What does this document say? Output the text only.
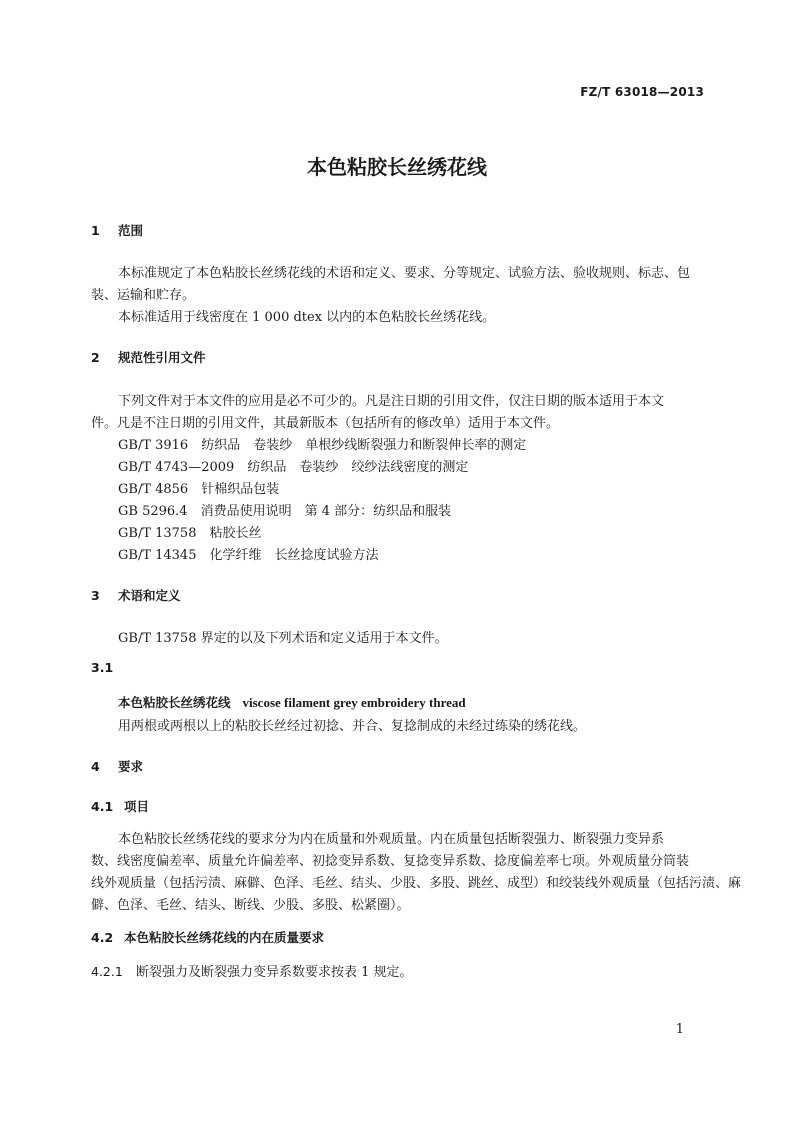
FZ/T 63018—2013
本色粘胶长丝绣花线
1 范围
本标准规定了本色粘胶长丝绣花线的术语和定义、要求、分等规定、试验方法、验收规则、标志、包
装、运输和贮存。
本标准适用于线密度在 1 000 dtex 以内的本色粘胶长丝绣花线。
2 规范性引用文件
下列文件对于本文件的应用是必不可少的。凡是注日期的引用文件，仅注日期的版本适用于本文
件。凡是不注日期的引用文件，其最新版本（包括所有的修改单）适用于本文件。
GB/T 3916　 纺织品　卷装纱　单根纱线断裂强力和断裂伸长率的测定
GB/T 4743—2009　 纺织品　卷装纱　绞纱法线密度的测定
GB/T 4856　 针棉织品包装
GB 5296.4　 消费品使用说明　第 4 部分：纺织品和服装
GB/T 13758　 粘胶长丝
GB/T 14345　 化学纤维　长丝捻度试验方法
3 术语和定义
GB/T 13758 界定的以及下列术语和定义适用于本文件。
3.1
本色粘胶长丝绣花线 viscose filament grey embroidery thread
用两根或两根以上的粘胶长丝经过初捻、并合、复捻制成的未经过练染的绣花线。
4 要求
4.1 项目
本色粘胶长丝绣花线的要求分为内在质量和外观质量。内在质量包括断裂强力、断裂强力变异系
数、线密度偏差率、质量允许偏差率、初捻变异系数、复捻变异系数、捻度偏差率七项。外观质量分筒装
线外观质量（包括污渍、麻僻、色泽、毛丝、结头、少股、多股、跳丝、成型）和绞装线外观质量（包括污渍、麻
僻、色泽、毛丝、结头、断线、少股、多股、松紧圈）。
4.2 本色粘胶长丝绣花线的内在质量要求
4.2.1 断裂强力及断裂强力变异系数要求按表 1 规定。
1
